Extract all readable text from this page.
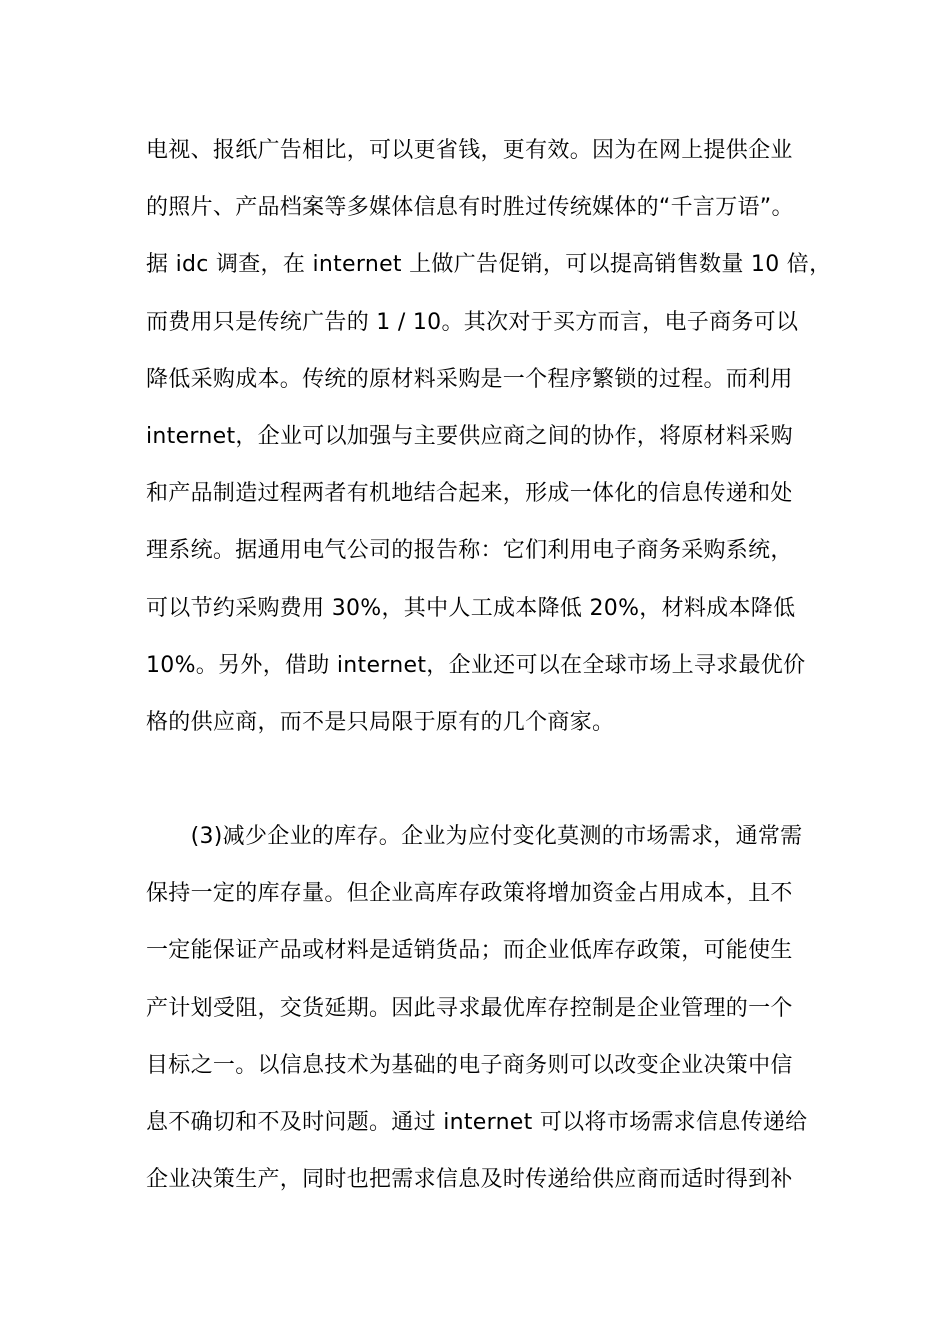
电视、报纸广告相比，可以更省钱，更有效。因为在网上提供企业
的照片、产品档案等多媒体信息有时胜过传统媒体的“千言万语”。
据 idc 调查，在 internet 上做广告促销，可以提高销售数量 10 倍，
而费用只是传统广告的 1 / 10。其次对于买方而言，电子商务可以
降低采购成本。传统的原材料采购是一个程序繁锁的过程。而利用
internet，企业可以加强与主要供应商之间的协作，将原材料采购
和产品制造过程两者有机地结合起来，形成一体化的信息传递和处
理系统。据通用电气公司的报告称：它们利用电子商务采购系统，
可以节约采购费用 30%，其中人工成本降低 20%，材料成本降低
10%。另外，借助 internet，企业还可以在全球市场上寻求最优价
格的供应商，而不是只局限于原有的几个商家。
　　(3)减少企业的库存。企业为应付变化莫测的市场需求，通常需
保持一定的库存量。但企业高库存政策将增加资金占用成本，且不
一定能保证产品或材料是适销货品；而企业低库存政策，可能使生
产计划受阻，交货延期。因此寻求最优库存控制是企业管理的一个
目标之一。以信息技术为基础的电子商务则可以改变企业决策中信
息不确切和不及时问题。通过 internet 可以将市场需求信息传递给
企业决策生产，同时也把需求信息及时传递给供应商而适时得到补
